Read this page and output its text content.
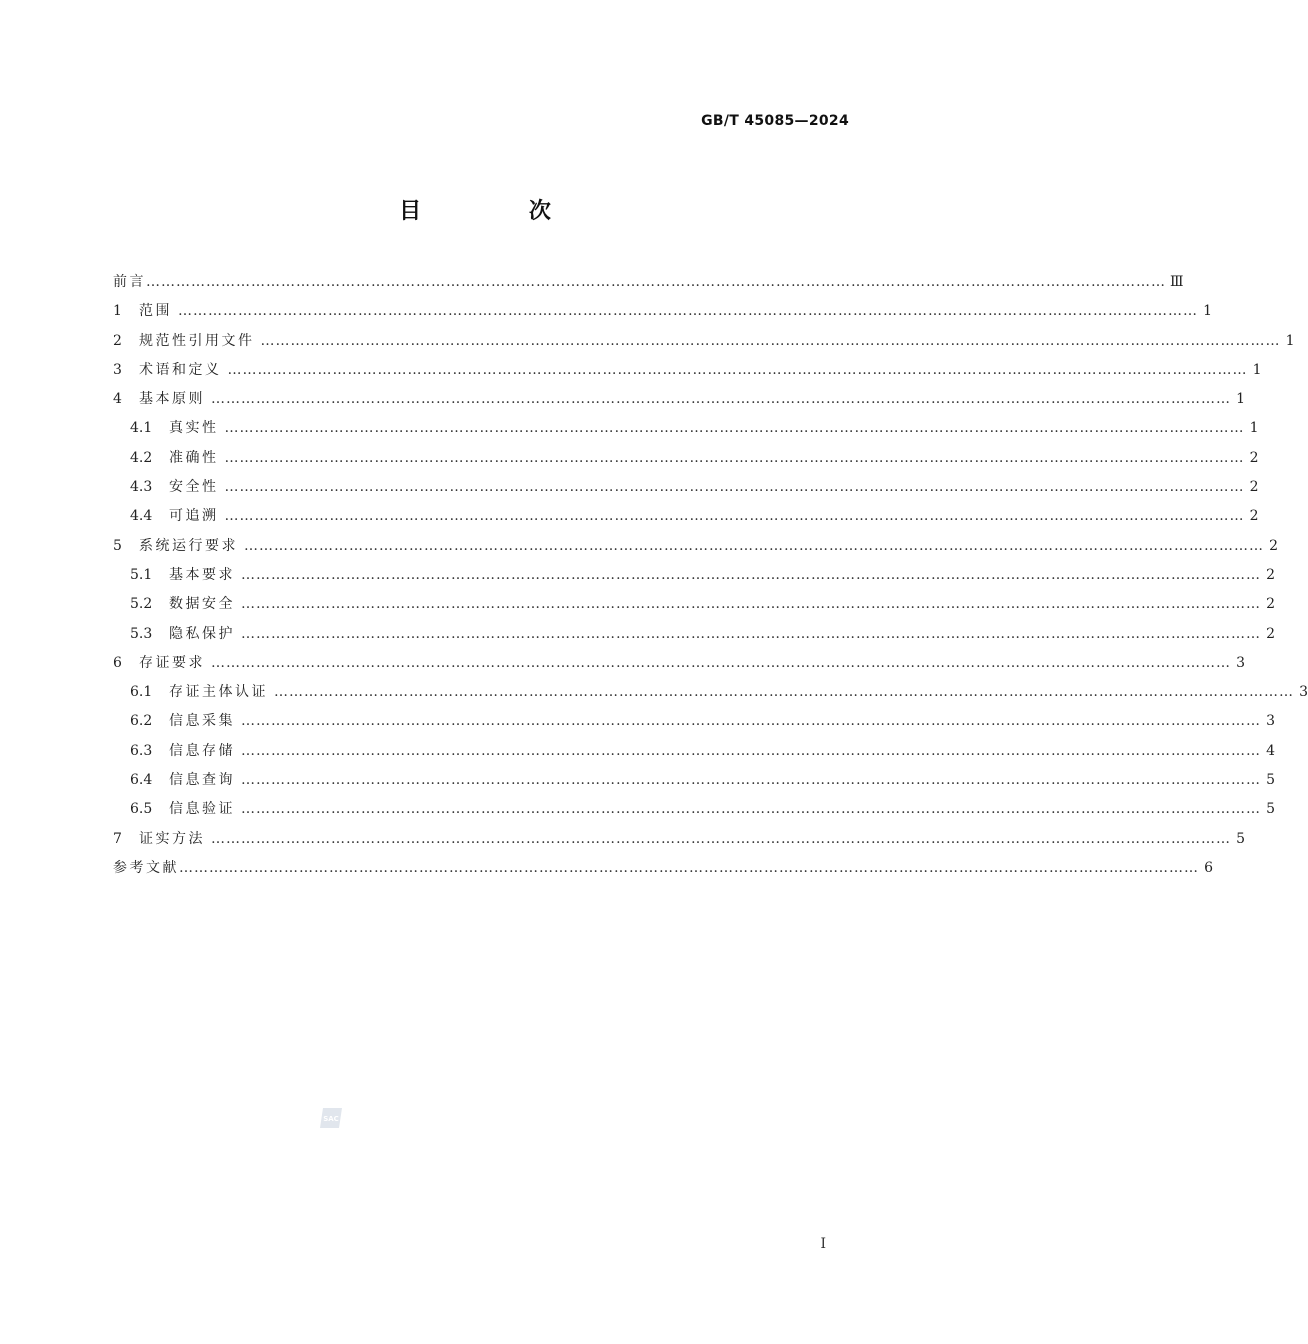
GB/T 45085—2024
目 次
前言 …………………………………………………………………………………………………………………………………………………………………………………… Ⅲ
1	范围 …………………………………………………………………………………………………………………………………………………………………………………… 1
2	规范性引用文件 …………………………………………………………………………………………………………………………………………………………………………………… 1
3	术语和定义 …………………………………………………………………………………………………………………………………………………………………………………… 1
4	基本原则 …………………………………………………………………………………………………………………………………………………………………………………… 1
4.1	真实性 …………………………………………………………………………………………………………………………………………………………………………………… 1
4.2	准确性 …………………………………………………………………………………………………………………………………………………………………………………… 2
4.3	安全性 …………………………………………………………………………………………………………………………………………………………………………………… 2
4.4	可追溯 …………………………………………………………………………………………………………………………………………………………………………………… 2
5	系统运行要求 …………………………………………………………………………………………………………………………………………………………………………………… 2
5.1	基本要求 …………………………………………………………………………………………………………………………………………………………………………………… 2
5.2	数据安全 …………………………………………………………………………………………………………………………………………………………………………………… 2
5.3	隐私保护 …………………………………………………………………………………………………………………………………………………………………………………… 2
6	存证要求 …………………………………………………………………………………………………………………………………………………………………………………… 3
6.1	存证主体认证 …………………………………………………………………………………………………………………………………………………………………………………… 3
6.2	信息采集 …………………………………………………………………………………………………………………………………………………………………………………… 3
6.3	信息存储 …………………………………………………………………………………………………………………………………………………………………………………… 4
6.4	信息查询 …………………………………………………………………………………………………………………………………………………………………………………… 5
6.5	信息验证 …………………………………………………………………………………………………………………………………………………………………………………… 5
7	证实方法 …………………………………………………………………………………………………………………………………………………………………………………… 5
参考文献 …………………………………………………………………………………………………………………………………………………………………………………… 6
SAC
I
